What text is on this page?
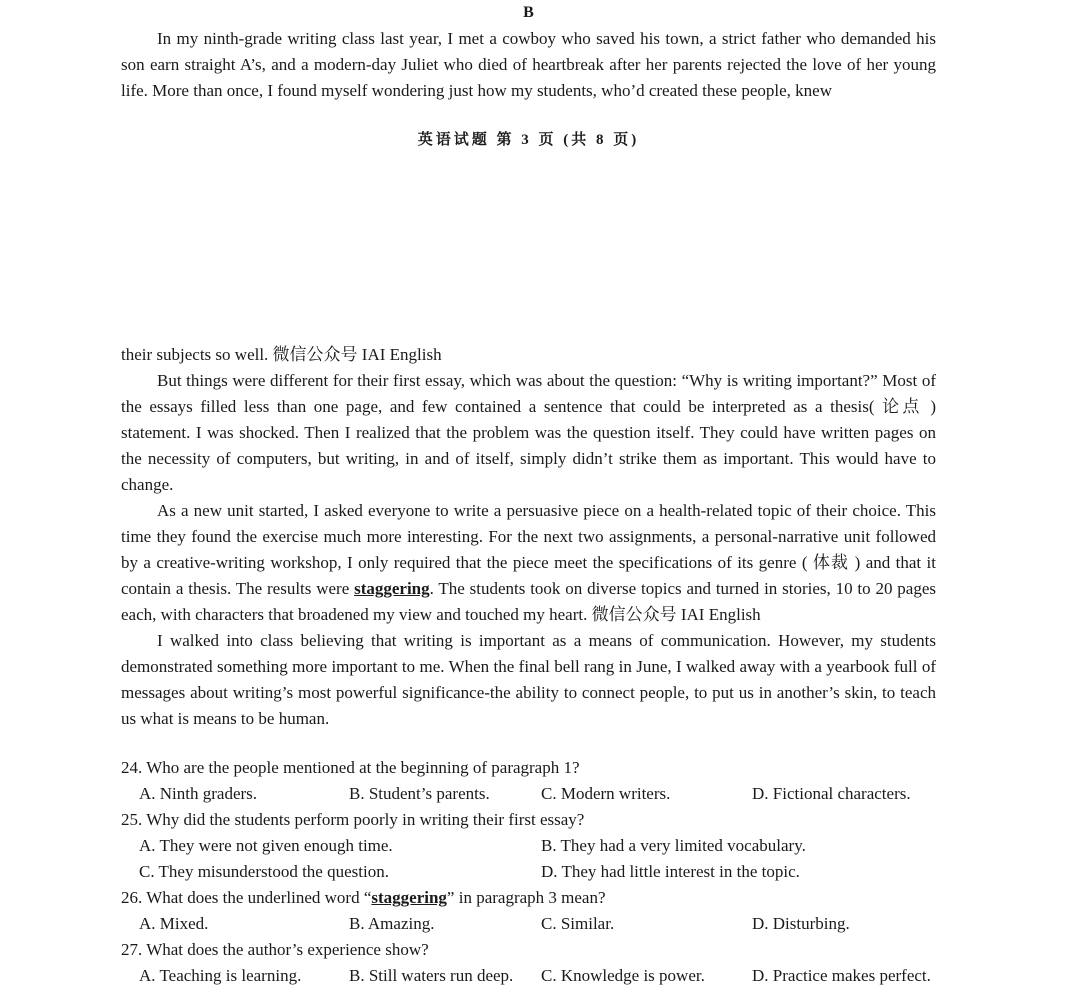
B

In my ninth-grade writing class last year, I met a cowboy who saved his town, a strict father who demanded his son earn straight A’s, and a modern-day Juliet who died of heartbreak after her parents rejected the love of her young life. More than once, I found myself wondering just how my students, who’d created these people, knew

英语试题 第 3 页 (共 8 页)

their subjects so well. 微信公众号 IAI English

But things were different for their first essay, which was about the question: “Why is writing important?” Most of the essays filled less than one page, and few contained a sentence that could be interpreted as a thesis( 论点 ) statement. I was shocked. Then I realized that the problem was the question itself. They could have written pages on the necessity of computers, but writing, in and of itself, simply didn’t strike them as important. This would have to change.

As a new unit started, I asked everyone to write a persuasive piece on a health-related topic of their choice. This time they found the exercise much more interesting. For the next two assignments, a personal-narrative unit followed by a creative-writing workshop, I only required that the piece meet the specifications of its genre ( 体裁 ) and that it contain a thesis. The results were staggering. The students took on diverse topics and turned in stories, 10 to 20 pages each, with characters that broadened my view and touched my heart. 微信公众号 IAI English

I walked into class believing that writing is important as a means of communication. However, my students demonstrated something more important to me. When the final bell rang in June, I walked away with a yearbook full of messages about writing’s most powerful significance-the ability to connect people, to put us in another’s skin, to teach us what is means to be human.

24. Who are the people mentioned at the beginning of paragraph 1?
A. Ninth graders.	B. Student’s parents.	C. Modern writers.	D. Fictional characters.
25. Why did the students perform poorly in writing their first essay?
A. They were not given enough time.	B. They had a very limited vocabulary.
C. They misunderstood the question.	D. They had little interest in the topic.
26. What does the underlined word “staggering” in paragraph 3 mean?
A. Mixed.	B. Amazing.	C. Similar.	D. Disturbing.
27. What does the author’s experience show?
A. Teaching is learning.	B. Still waters run deep. C. Knowledge is power.	D. Practice makes perfect.
